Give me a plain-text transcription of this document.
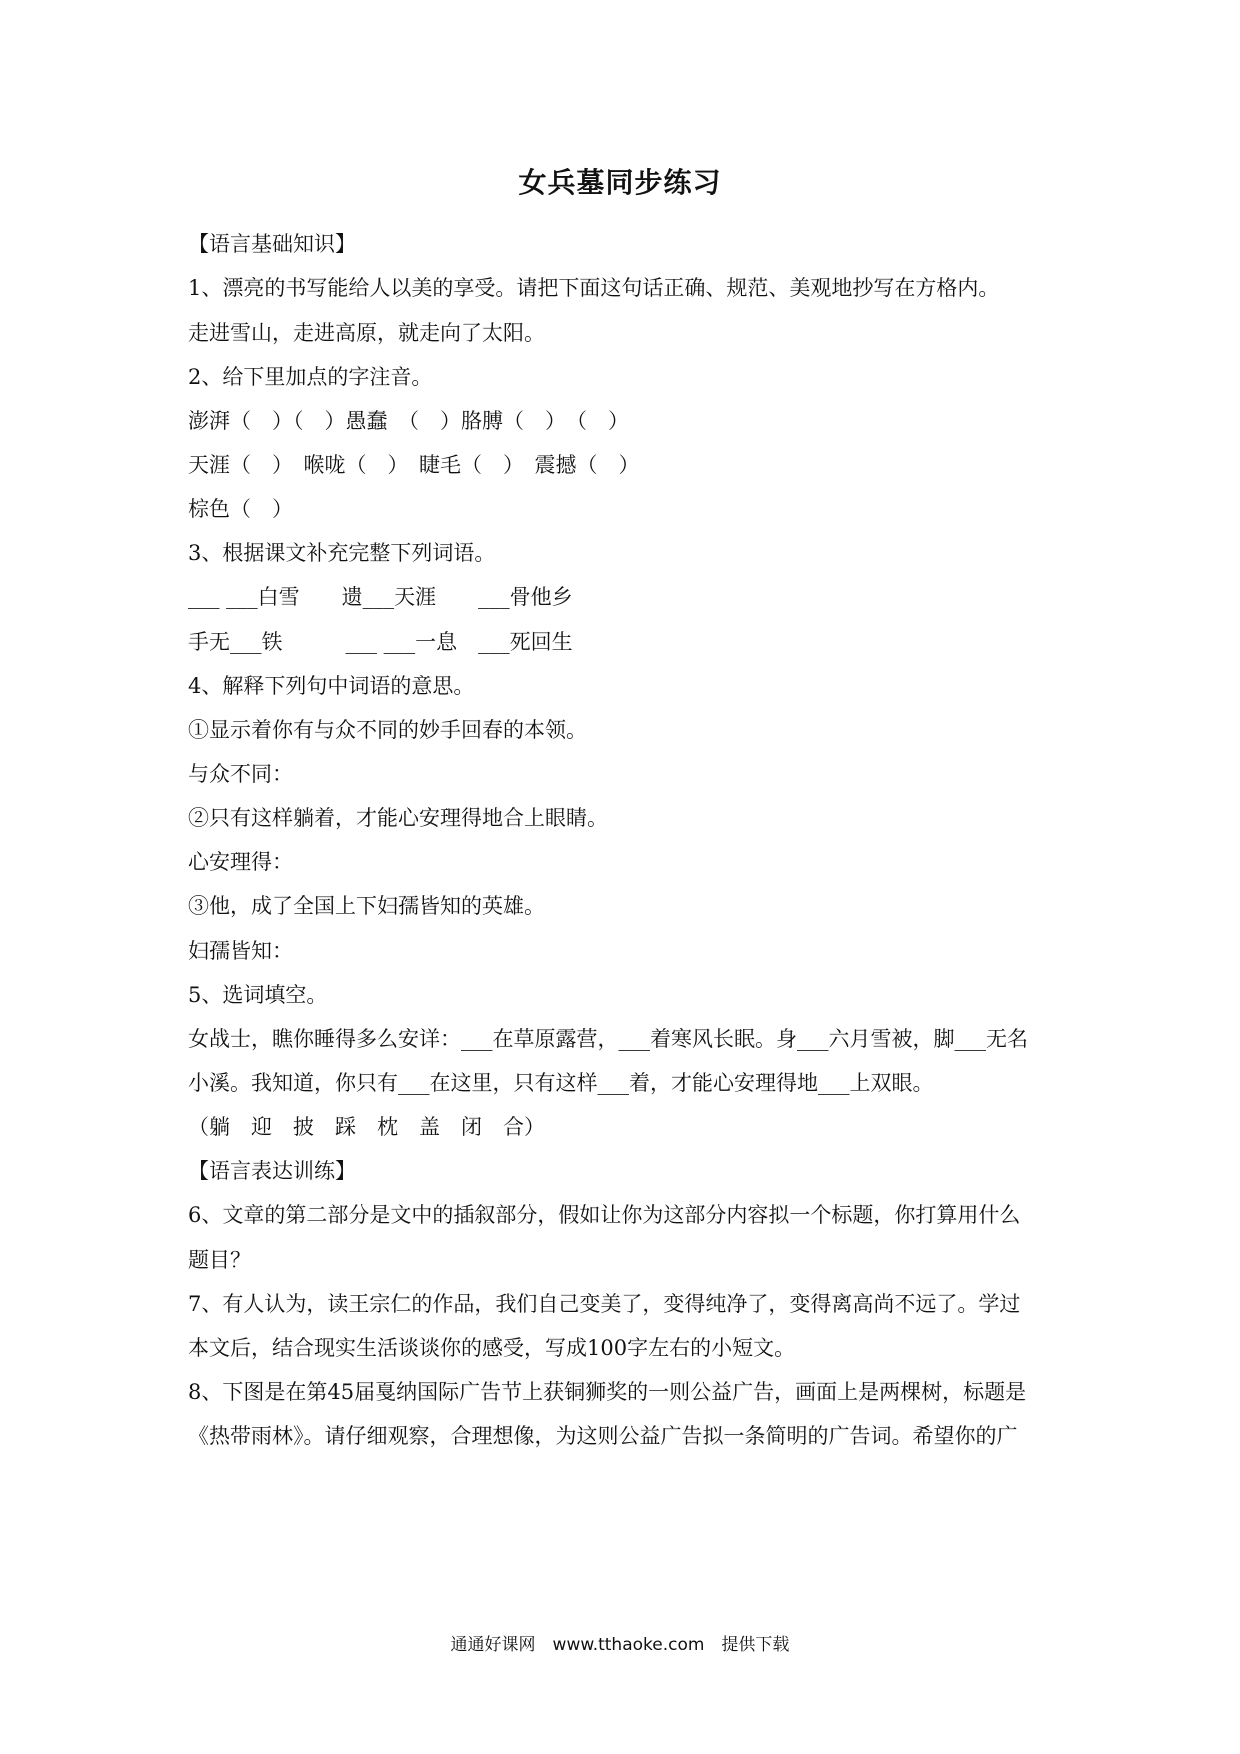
女兵墓同步练习
【语言基础知识】
1、漂亮的书写能给人以美的享受。请把下面这句话正确、规范、美观地抄写在方格内。
走进雪山，走进高原，就走向了太阳。
2、给下里加点的字注音。
澎湃（　）（　）愚蠢　（　）胳膊（　）　（　）
天涯（　）　喉咙（　）　睫毛（　）　震撼（　）
棕色（　）
3、根据课文补充完整下列词语。
___ ___白雪　　遗___天涯　　___骨他乡
手无___铁　　　___ ___一息　___死回生
4、解释下列句中词语的意思。
①显示着你有与众不同的妙手回春的本领。
与众不同：
②只有这样躺着，才能心安理得地合上眼睛。
心安理得：
③他，成了全国上下妇孺皆知的英雄。
妇孺皆知：
5、选词填空。
女战士，瞧你睡得多么安详：___在草原露营，___着寒风长眠。身___六月雪被，脚___无名
小溪。我知道，你只有___在这里，只有这样___着，才能心安理得地___上双眼。
（躺　迎　披　踩　枕　盖　闭　合）
【语言表达训练】
6、文章的第二部分是文中的插叙部分，假如让你为这部分内容拟一个标题，你打算用什么
题目？
7、有人认为，读王宗仁的作品，我们自己变美了，变得纯净了，变得离高尚不远了。学过
本文后，结合现实生活谈谈你的感受，写成100字左右的小短文。
8、下图是在第45届戛纳国际广告节上获铜狮奖的一则公益广告，画面上是两棵树，标题是
《热带雨林》。请仔细观察，合理想像，为这则公益广告拟一条简明的广告词。希望你的广
通通好课网　www.tthaoke.com　提供下载
